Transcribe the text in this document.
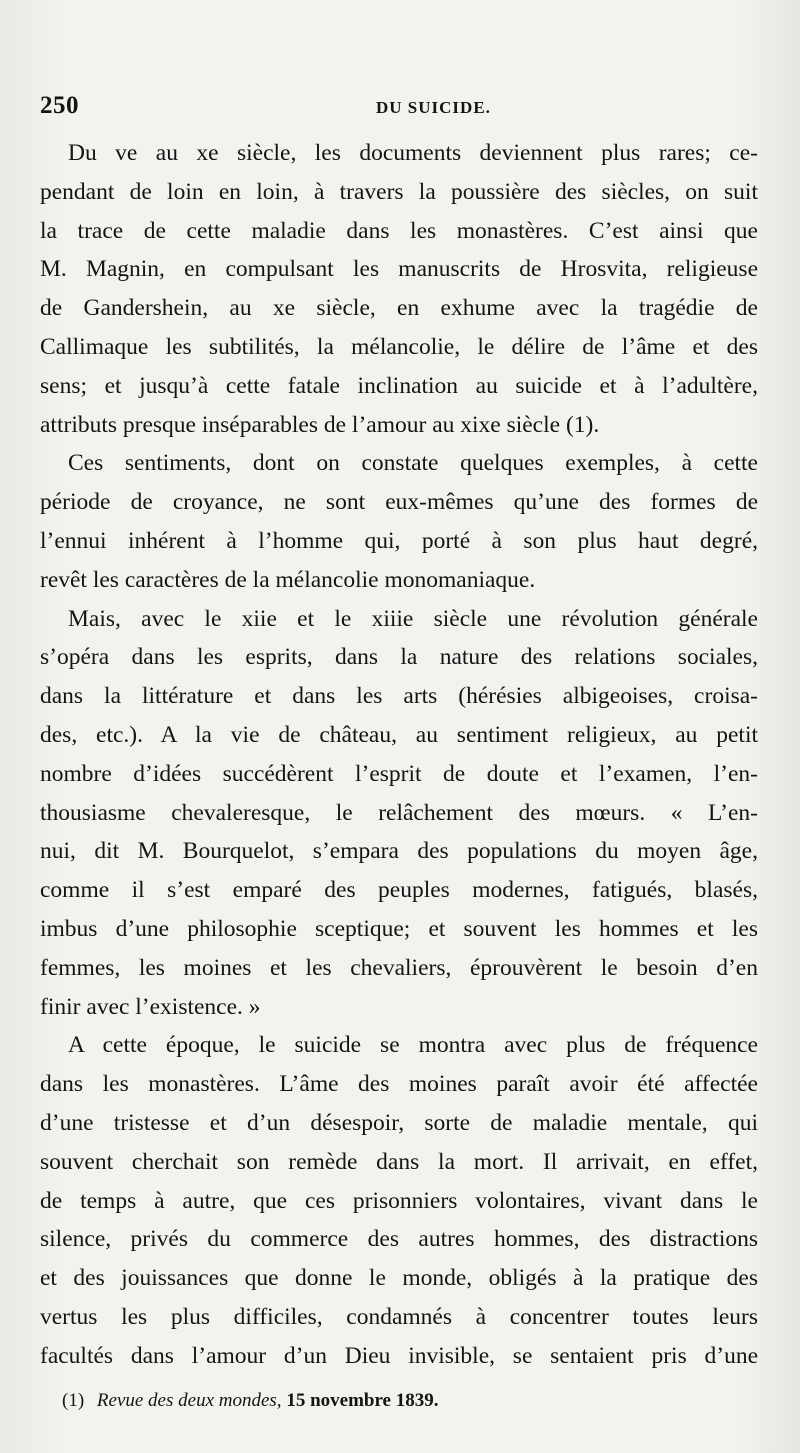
250	DU SUICIDE.
Du ve au xe siècle, les documents deviennent plus rares; ce-
pendant de loin en loin, à travers la poussière des siècles, on suit
la trace de cette maladie dans les monastères. C’est ainsi que
M. Magnin, en compulsant les manuscrits de Hrosvita, religieuse
de Gandershein, au xe siècle, en exhume avec la tragédie de
Callimaque les subtilités, la mélancolie, le délire de l’âme et des
sens; et jusqu’à cette fatale inclination au suicide et à l’adultère,
attributs presque inséparables de l’amour au xixe siècle (1).
Ces sentiments, dont on constate quelques exemples, à cette
période de croyance, ne sont eux-mêmes qu’une des formes de
l’ennui inhérent à l’homme qui, porté à son plus haut degré,
revêt les caractères de la mélancolie monomaniaque.
Mais, avec le xiie et le xiiie siècle une révolution générale
s’opéra dans les esprits, dans la nature des relations sociales,
dans la littérature et dans les arts (hérésies albigeoises, croisa-
des, etc.). A la vie de château, au sentiment religieux, au petit
nombre d’idées succédèrent l’esprit de doute et l’examen, l’en-
thousiasme chevaleresque, le relâchement des mœurs. « L’en-
nui, dit M. Bourquelot, s’empara des populations du moyen âge,
comme il s’est emparé des peuples modernes, fatigués, blasés,
imbus d’une philosophie sceptique; et souvent les hommes et les
femmes, les moines et les chevaliers, éprouvèrent le besoin d’en
finir avec l’existence. »
A cette époque, le suicide se montra avec plus de fréquence
dans les monastères. L’âme des moines paraît avoir été affectée
d’une tristesse et d’un désespoir, sorte de maladie mentale, qui
souvent cherchait son remède dans la mort. Il arrivait, en effet,
de temps à autre, que ces prisonniers volontaires, vivant dans le
silence, privés du commerce des autres hommes, des distractions
et des jouissances que donne le monde, obligés à la pratique des
vertus les plus difficiles, condamnés à concentrer toutes leurs
facultés dans l’amour d’un Dieu invisible, se sentaient pris d’une
(1) Revue des deux mondes, 15 novembre 1839.
